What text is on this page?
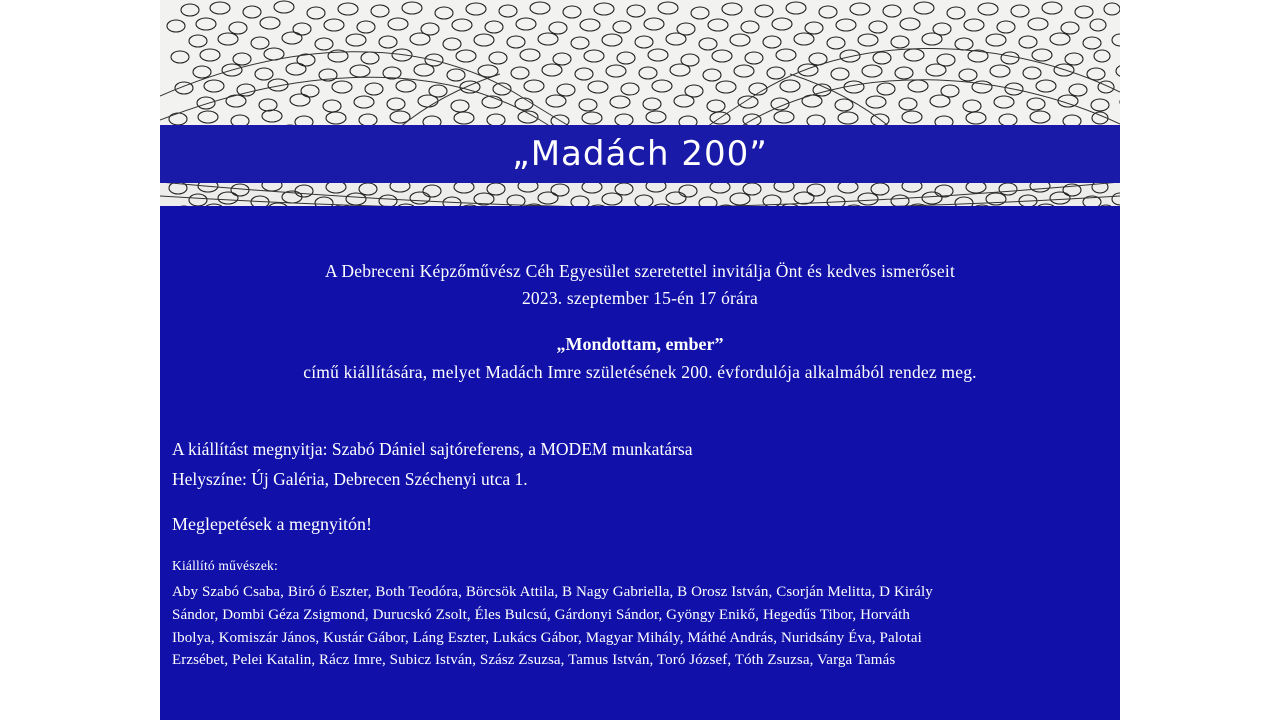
„Madách 200”
A Debreceni Képzőművész Céh Egyesület szeretettel invitálja Önt és kedves ismerőseit
2023. szeptember 15-én 17 órára
„Mondottam, ember”
című kiállítására, melyet Madách Imre születésének 200. évfordulója alkalmából rendez meg.
A kiállítást megnyitja: Szabó Dániel sajtóreferens, a MODEM munkatársa
Helyszíne: Új Galéria, Debrecen Széchenyi utca 1.
Meglepetések a megnyitón!
Kiállító művészek:
Aby Szabó Csaba, Biró ó Eszter, Both Teodóra, Börcsök Attila, B Nagy Gabriella, B Orosz István, Csorján Melitta, D Király
Sándor, Dombi Géza Zsigmond, Durucskó Zsolt, Éles Bulcsú, Gárdonyi Sándor, Gyöngy Enikő, Hegedűs Tibor, Horváth
Ibolya, Komiszár János, Kustár Gábor, Láng Eszter, Lukács Gábor, Magyar Mihály, Máthé András, Nuridsány Éva, Palotai
Erzsébet, Pelei Katalin, Rácz Imre, Subicz István, Szász Zsuzsa, Tamus István, Toró József, Tóth Zsuzsa, Varga Tamás
